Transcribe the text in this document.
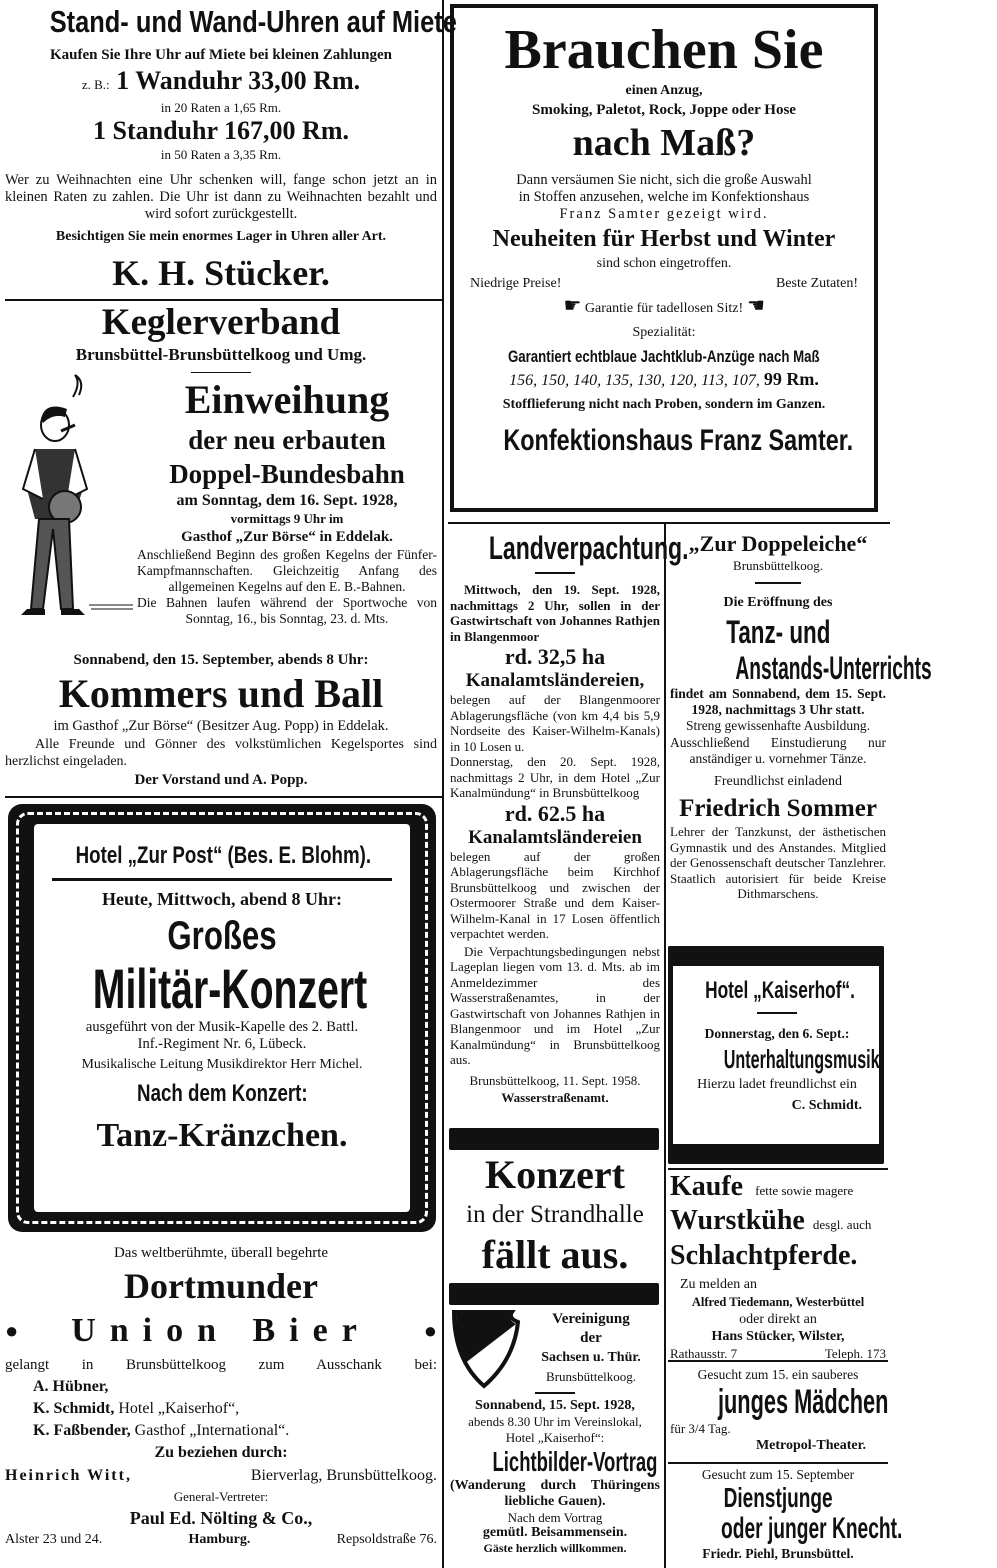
Stand- und Wand-Uhren auf Miete
Kaufen Sie Ihre Uhr auf Miete bei kleinen Zahlungen
z. B.: 1 Wanduhr 33,00 Rm.
in 20 Raten a 1,65 Rm.
1 Standuhr 167,00 Rm.
in 50 Raten a 3,35 Rm.
Wer zu Weihnachten eine Uhr schenken will, fange schon jetzt an in kleinen Raten zu zahlen. Die Uhr ist dann zu Weihnachten bezahlt und wird sofort zurückgestellt.
Besichtigen Sie mein enormes Lager in Uhren aller Art.
K. H. Stücker.
Keglerverband
Brunsbüttel-Brunsbüttelkoog und Umg.
Einweihung
der neu erbauten
Doppel-Bundesbahn
am Sonntag, dem 16. Sept. 1928,
vormittags 9 Uhr im
Gasthof „Zur Börse“ in Eddelak.
Anschließend Beginn des großen Kegelns der Fünfer-Kampfmannschaften. Gleichzeitig Anfang des allgemeinen Kegelns auf den E. B.-Bahnen.
Die Bahnen laufen während der Sportwoche von Sonntag, 16., bis Sonntag, 23. d. Mts.
Sonnabend, den 15. September, abends 8 Uhr:
Kommers und Ball
im Gasthof „Zur Börse“ (Besitzer Aug. Popp) in Eddelak.
Alle Freunde und Gönner des volkstümlichen Kegelsportes sind herzlichst eingeladen.
Der Vorstand und A. Popp.
Hotel „Zur Post“ (Bes. E. Blohm).
Heute, Mittwoch, abend 8 Uhr:
Großes
Militär-Konzert
ausgeführt von der Musik-Kapelle des 2. Battl.
Inf.-Regiment Nr. 6, Lübeck.
Musikalische Leitung Musikdirektor Herr Michel.
Nach dem Konzert:
Tanz-Kränzchen.
Das weltberühmte, überall begehrte
Dortmunder
● Union Bier ●
gelangt in Brunsbüttelkoog zum Ausschank bei:
A. Hübner,
K. Schmidt, Hotel „Kaiserhof“,
K. Faßbender, Gasthof „International“.
Zu beziehen durch:
Heinrich Witt,	Bierverlag, Brunsbüttelkoog.
General-Vertreter:
Paul Ed. Nölting & Co.,
Alster 23 und 24.	Hamburg.	Repsoldstraße 76.
Brauchen Sie
einen Anzug,
Smoking, Paletot, Rock, Joppe oder Hose
nach Maß?
Dann versäumen Sie nicht, sich die große Auswahl
in Stoffen anzusehen, welche im Konfektionshaus
Franz Samter gezeigt wird.
Neuheiten für Herbst und Winter
sind schon eingetroffen.
Niedrige Preise!	Beste Zutaten!
☛ Garantie für tadellosen Sitz! ☛
Spezialität:
Garantiert echtblaue Jachtklub-Anzüge nach Maß
156, 150, 140, 135, 130, 120, 113, 107, 99 Rm.
Stofflieferung nicht nach Proben, sondern im Ganzen.
Konfektionshaus Franz Samter.
Landverpachtung.
Mittwoch, den 19. Sept. 1928, nachmittags 2 Uhr, sollen in der Gastwirtschaft von Johannes Rathjen in Blangenmoor
rd. 32,5 ha
Kanalamtsländereien,
belegen auf der Blangenmoorer Ablagerungsfläche (von km 4,4 bis 5,9 Nordseite des Kaiser-Wilhelm-Kanals) in 10 Losen u.
Donnerstag, den 20. Sept. 1928, nachmittags 2 Uhr, in dem Hotel „Zur Kanalmündung“ in Brunsbüttelkoog
rd. 62.5 ha
Kanalamtsländereien
belegen auf der großen Ablagerungsfläche beim Kirchhof Brunsbüttelkoog und zwischen der Ostermoorer Straße und dem Kaiser-Wilhelm-Kanal in 17 Losen öffentlich verpachtet werden.
Die Verpachtungsbedingungen nebst Lageplan liegen vom 13. d. Mts. ab im Anmeldezimmer des Wasserstraßenamtes, in der Gastwirtschaft von Johannes Rathjen in Blangenmoor und im Hotel „Zur Kanalmündung“ in Brunsbüttelkoog aus.
Brunsbüttelkoog, 11. Sept. 1958.
Wasserstraßenamt.
Konzert
in der Strandhalle
fällt aus.
Vereinigung
der
Sachsen u. Thür.
Brunsbüttelkoog.
Sonnabend, 15. Sept. 1928,
abends 8.30 Uhr im Vereinslokal,
Hotel „Kaiserhof“:
Lichtbilder-Vortrag
(Wanderung durch Thüringens liebliche Gauen).
Nach dem Vortrag
gemütl. Beisammensein.
Gäste herzlich willkommen.
„Zur Doppeleiche“
Brunsbüttelkoog.
Die Eröffnung des
Tanz- und
Anstands-Unterrichts
findet am Sonnabend, dem 15. Sept. 1928, nachmittags 3 Uhr statt.
Streng gewissenhafte Ausbildung.
Ausschließend Einstudierung nur anständiger u. vornehmer Tänze.
Freundlichst einladend
Friedrich Sommer
Lehrer der Tanzkunst, der ästhetischen Gymnastik und des Anstandes. Mitglied der Genossenschaft deutscher Tanzlehrer. Staatlich autorisiert für beide Kreise Dithmarschens.
Hotel „Kaiserhof“.
Donnerstag, den 6. Sept.:
Unterhaltungsmusik
Hierzu ladet freundlichst ein
C. Schmidt.
Kaufe fette sowie magere
Wurstkühe desgl. auch
Schlachtpferde.
Zu melden an
Alfred Tiedemann, Westerbüttel
oder direkt an
Hans Stücker, Wilster,
Rathausstr. 7	Teleph. 173
Gesucht zum 15. ein sauberes
junges Mädchen
für 3/4 Tag.
Metropol-Theater.
Gesucht zum 15. September
Dienstjunge
oder junger Knecht.
Friedr. Piehl, Brunsbüttel.
